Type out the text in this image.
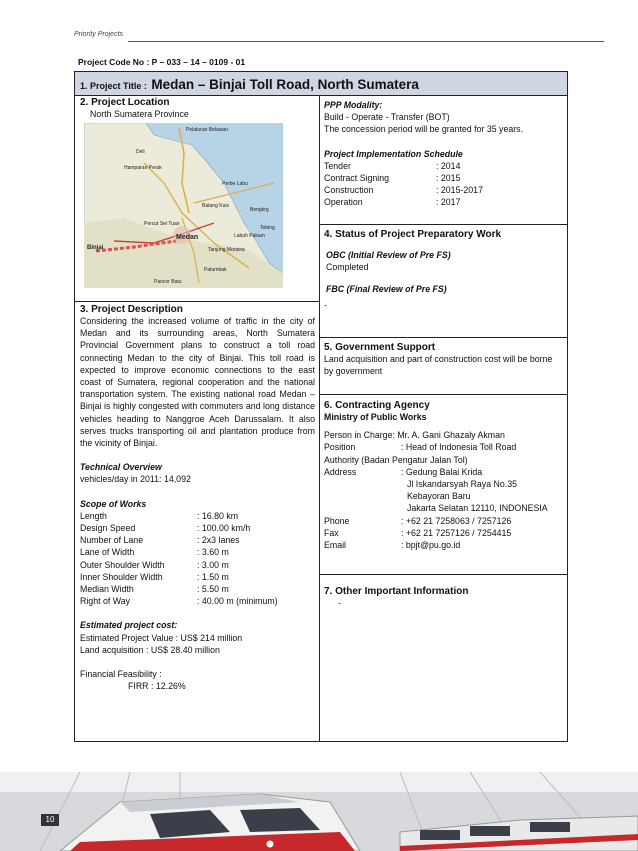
Priority Projects
Project Code No : P – 033 – 14 – 0109 - 01
1. Project Title : Medan – Binjai Toll Road, North Sumatera
2. Project Location
North Sumatera Province
Pelaturan Belawan
Deli
Hamparan Perak
Perbe Labu
Batang Kuis
Bengkrg
Tebing
Percut Sei Tuan
Labuh Pakam
Tanjung Morawa
Patumbak
Pancor Batu
Binjai
Medan
3. Project Description
Considering the increased volume of traffic in the city of Medan and its surrounding areas, North Sumatera Provincial Government plans to construct a toll road connecting Medan to the city of Binjai. This toll road is expected to improve economic connections to the east coast of Sumatera, regional cooperation and the national transportation system. The existing national road Medan – Binjai is highly congested with commuters and long distance vehicles heading to Nanggroe Aceh Darussalam. It also serves trucks transporting oil and plantation produce from the vicinity of Binjai.
Technical Overview
vehicles/day in 2011: 14,092
Scope of Works
Length	: 16.80 km
Design Speed	: 100.00 km/h
Number of Lane	: 2x3 lanes
Lane of Width	: 3.60 m
Outer Shoulder Width	: 3.00 m
Inner Shoulder Width	: 1.50 m
Median Width	: 5.50 m
Right of Way	: 40.00 m (minimum)
Estimated project cost:
Estimated Project Value : US$ 214 million
Land acquisition : US$ 28.40 million
Financial Feasibility :
FIRR : 12.26%
PPP Modality:
Build - Operate - Transfer (BOT)
The concession period will be granted for 35 years.
Project Implementation Schedule
Tender	: 2014
Contract Signing	: 2015
Construction	: 2015-2017
Operation	: 2017
4. Status of Project Preparatory Work
OBC (Initial Review of Pre FS)
Completed
FBC (Final Review of Pre FS)
-
5. Government Support
Land acquisition and part of construction cost will be borne by government
6. Contracting Agency
Ministry of Public Works
Person in Charge : Mr. A. Gani Ghazaly Akman
Position	: Head of Indonesia Toll Road
Authority (Badan Pengatur Jalan Tol)
Address	: Gedung Balai Krida
Jl Iskandarsyah Raya No.35
Kebayoran Baru
Jakarta Selatan 12110, INDONESIA
Phone	: +62 21 7258063 / 7257126
Fax	: +62 21 7257126 / 7254415
Email	: bpjt@pu.go.id
7. Other Important Information
-
10
